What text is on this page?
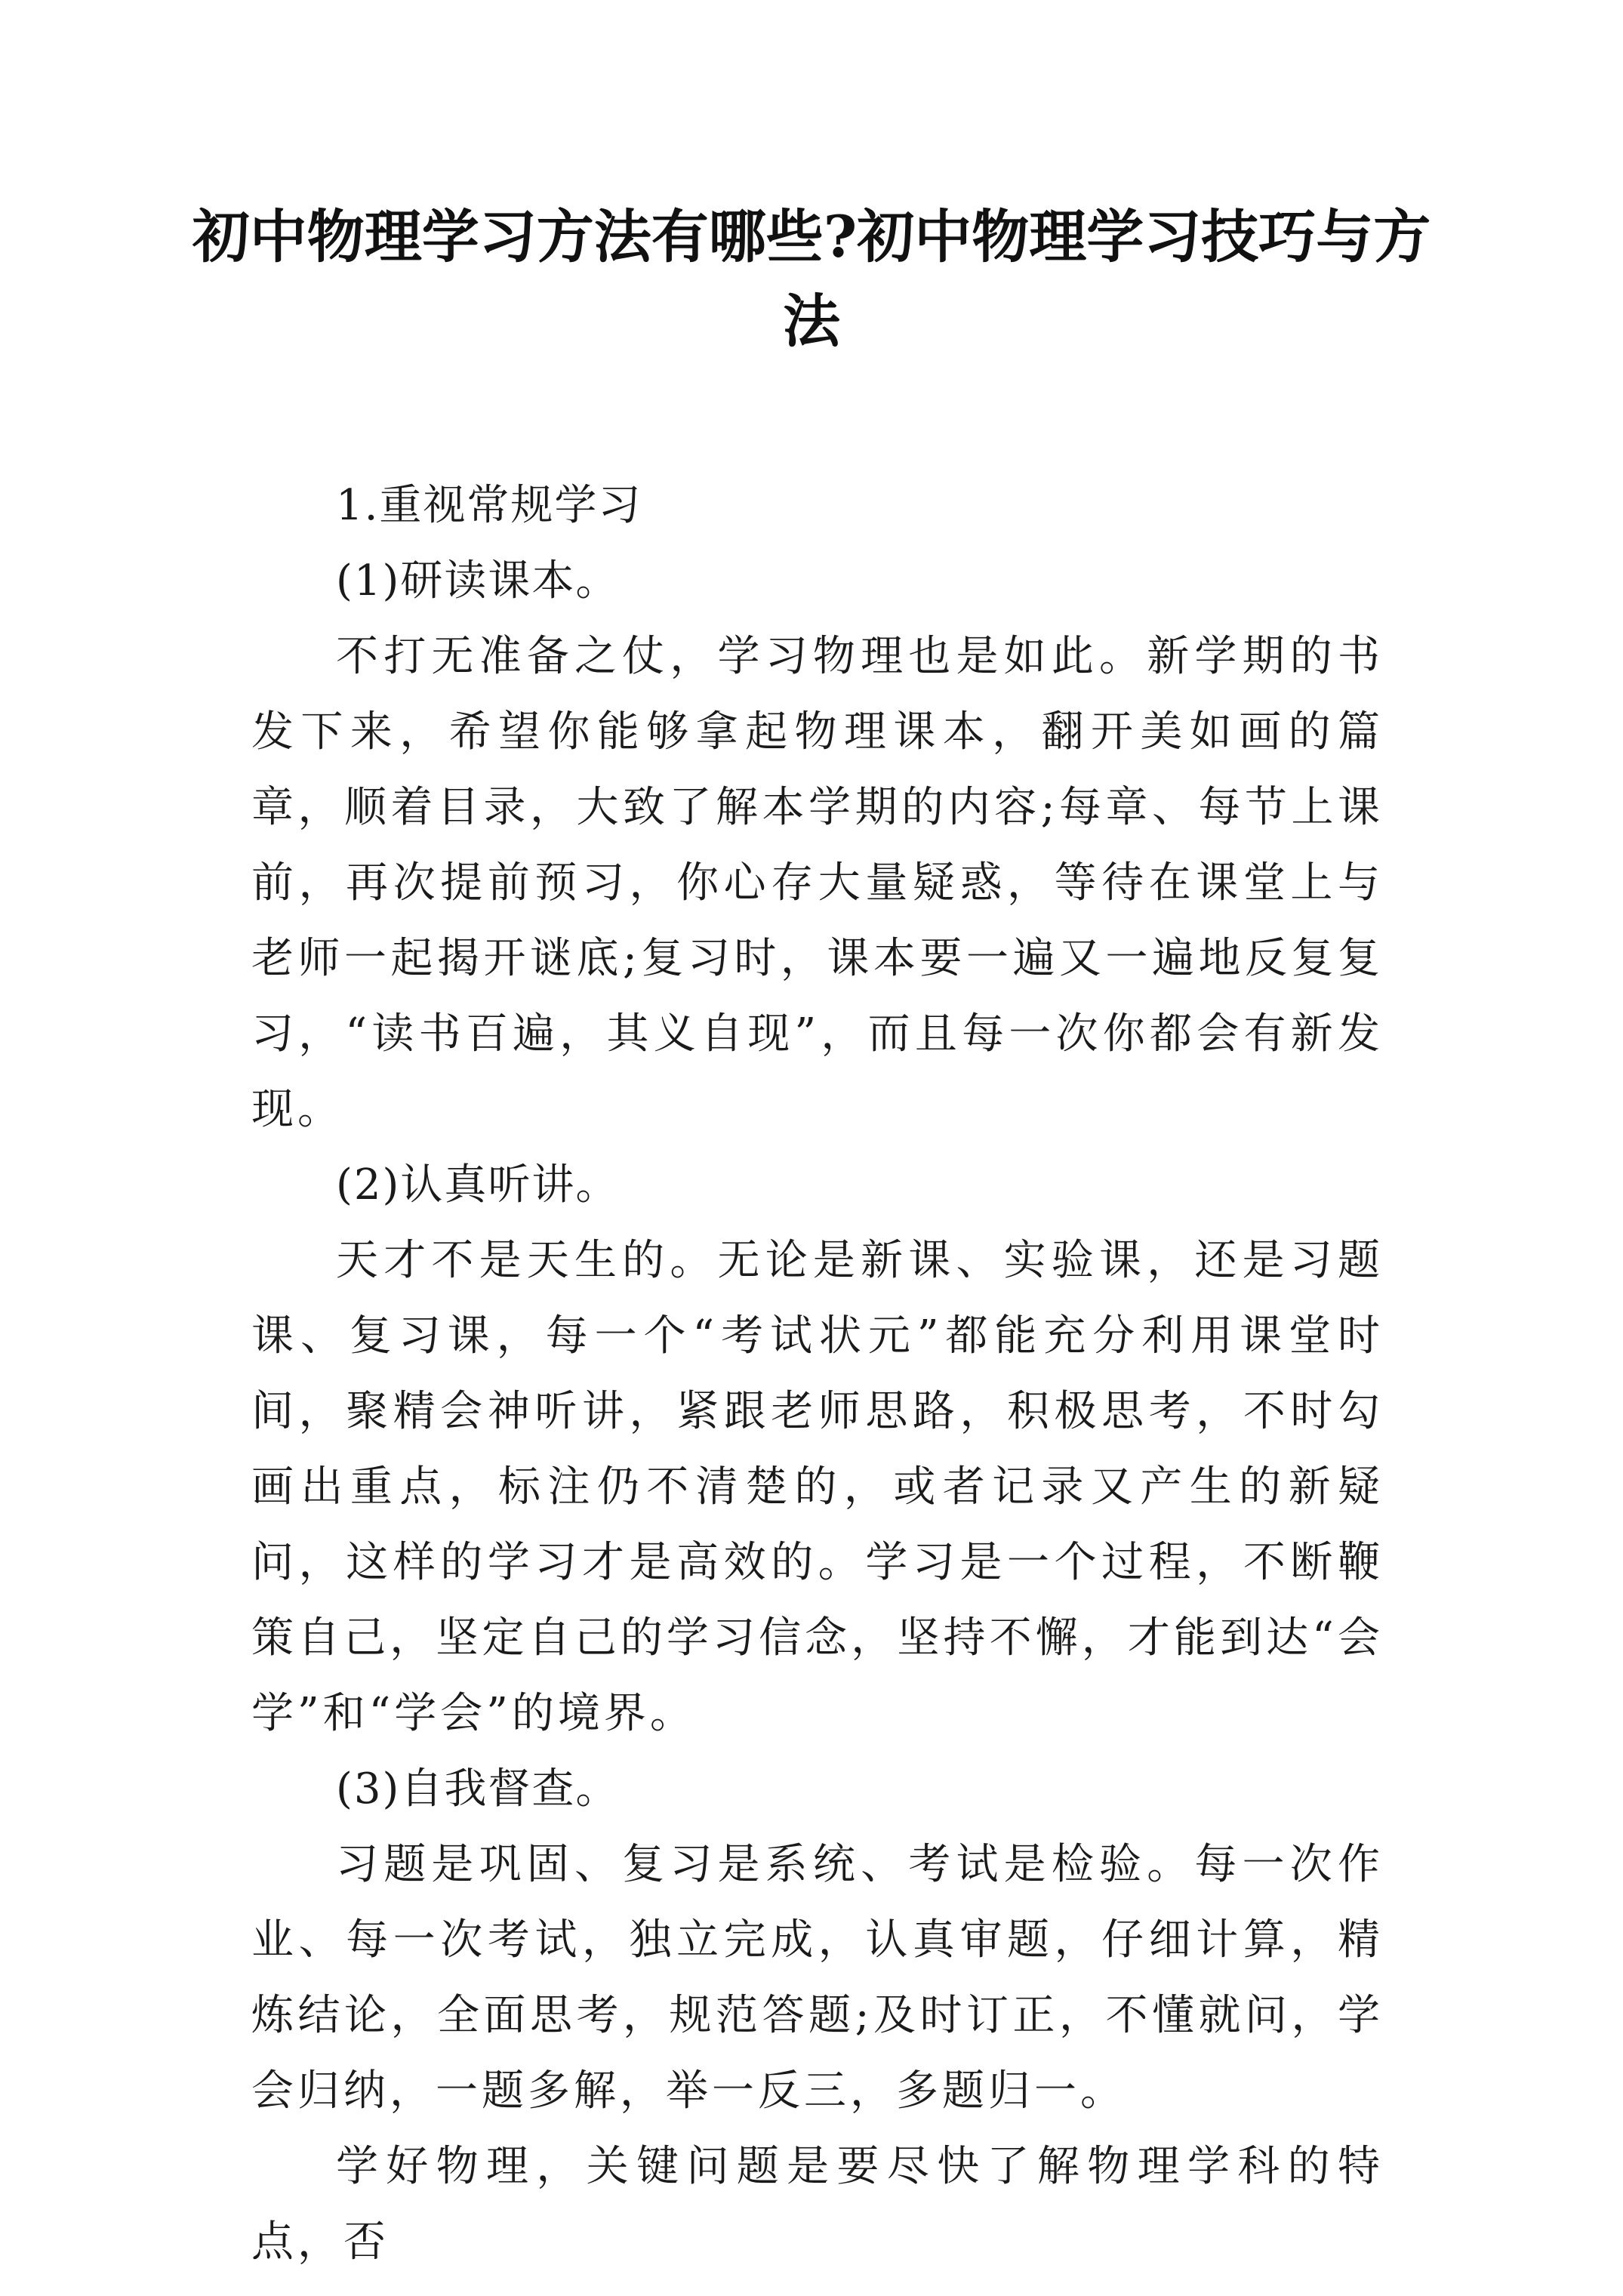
初中物理学习方法有哪些?初中物理学习技巧与方法

1.重视常规学习

(1)研读课本。

不打无准备之仗，学习物理也是如此。新学期的书发下来，希望你能够拿起物理课本，翻开美如画的篇章，顺着目录，大致了解本学期的内容;每章、每节上课前，再次提前预习，你心存大量疑惑，等待在课堂上与老师一起揭开谜底;复习时，课本要一遍又一遍地反复复习，“读书百遍，其义自现”，而且每一次你都会有新发现。

(2)认真听讲。

天才不是天生的。无论是新课、实验课，还是习题课、复习课，每一个“考试状元”都能充分利用课堂时间，聚精会神听讲，紧跟老师思路，积极思考，不时勾画出重点，标注仍不清楚的，或者记录又产生的新疑问，这样的学习才是高效的。学习是一个过程，不断鞭策自己，坚定自己的学习信念，坚持不懈，才能到达“会学”和“学会”的境界。

(3)自我督查。

习题是巩固、复习是系统、考试是检验。每一次作业、每一次考试，独立完成，认真审题，仔细计算，精炼结论，全面思考，规范答题;及时订正，不懂就问，学会归纳，一题多解，举一反三，多题归一。

学好物理，关键问题是要尽快了解物理学科的特点，否
